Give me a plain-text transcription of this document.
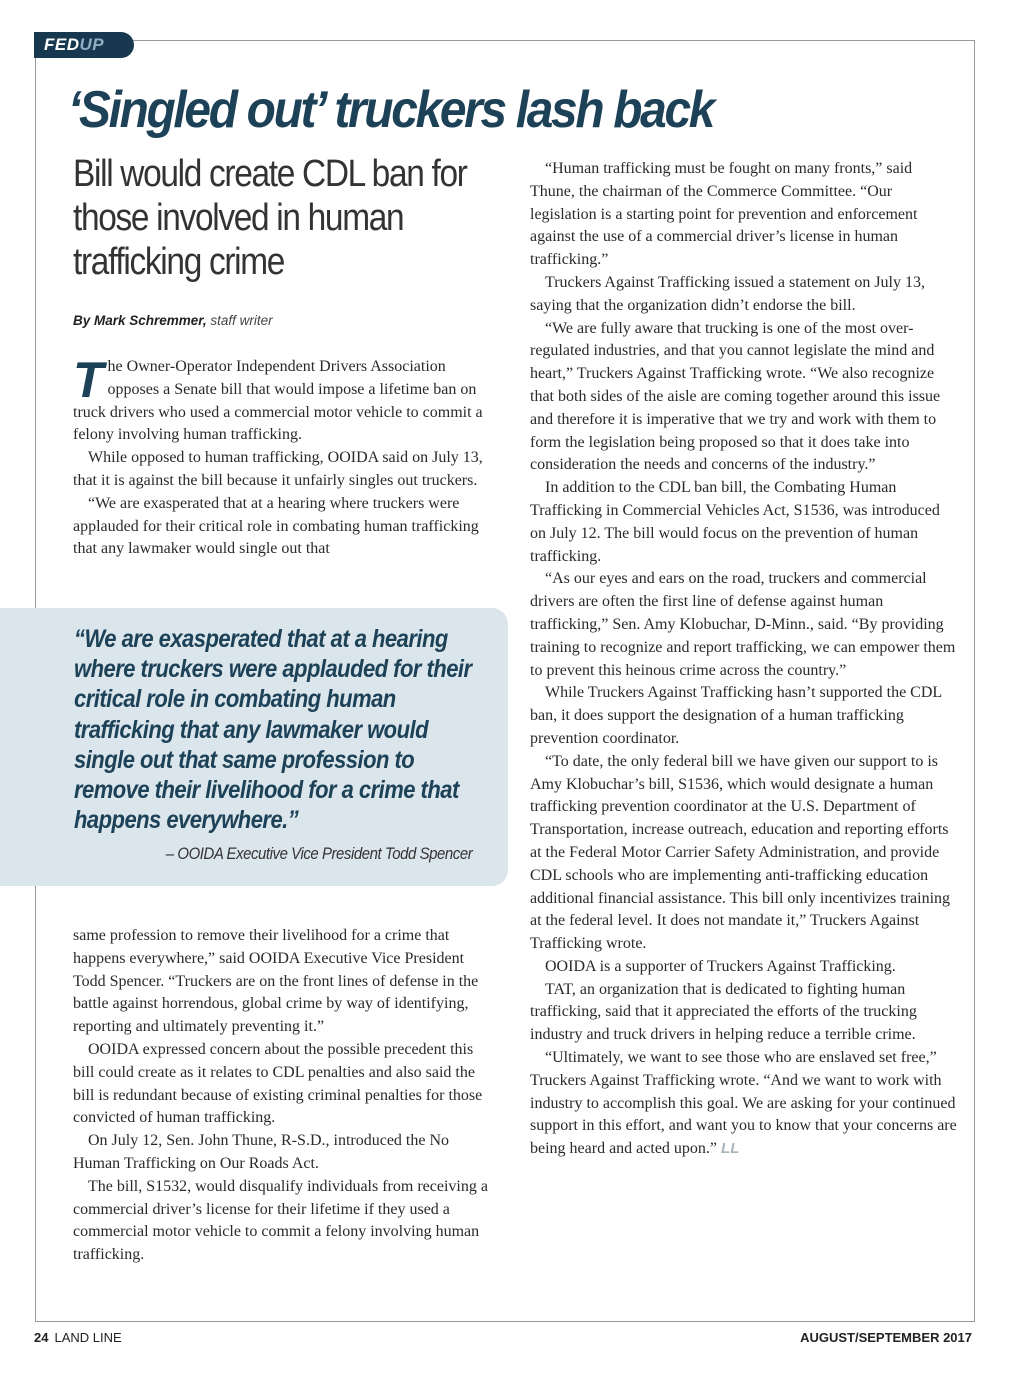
FED UP
‘Singled out’ truckers lash back
Bill would create CDL ban for those involved in human trafficking crime
By Mark Schremmer, staff writer

The Owner-Operator Independent Drivers Association opposes a Senate bill that would impose a lifetime ban on truck drivers who used a commercial motor vehicle to commit a felony involving human trafficking.

While opposed to human trafficking, OOIDA said on July 13, that it is against the bill because it unfairly singles out truckers.

“We are exasperated that at a hearing where truckers were applauded for their critical role in combating human trafficking that any lawmaker would single out that

“We are exasperated that at a hearing where truckers were applauded for their critical role in combating human trafficking that any lawmaker would single out that same profession to remove their livelihood for a crime that happens everywhere.”

– OOIDA Executive Vice President Todd Spencer

same profession to remove their livelihood for a crime that happens everywhere,” said OOIDA Executive Vice President Todd Spencer. “Truckers are on the front lines of defense in the battle against horrendous, global crime by way of identifying, reporting and ultimately preventing it.”

OOIDA expressed concern about the possible precedent this bill could create as it relates to CDL penalties and also said the bill is redundant because of existing criminal penalties for those convicted of human trafficking.

On July 12, Sen. John Thune, R-S.D., introduced the No Human Trafficking on Our Roads Act.

The bill, S1532, would disqualify individuals from receiving a commercial driver’s license for their lifetime if they used a commercial motor vehicle to commit a felony involving human trafficking.

“Human trafficking must be fought on many fronts,” said Thune, the chairman of the Commerce Committee. “Our legislation is a starting point for prevention and enforcement against the use of a commercial driver’s license in human trafficking.”

Truckers Against Trafficking issued a statement on July 13, saying that the organization didn’t endorse the bill.

“We are fully aware that trucking is one of the most over-regulated industries, and that you cannot legislate the mind and heart,” Truckers Against Trafficking wrote. “We also recognize that both sides of the aisle are coming together around this issue and therefore it is imperative that we try and work with them to form the legislation being proposed so that it does take into consideration the needs and concerns of the industry.”

In addition to the CDL ban bill, the Combating Human Trafficking in Commercial Vehicles Act, S1536, was introduced on July 12. The bill would focus on the prevention of human trafficking.

“As our eyes and ears on the road, truckers and commercial drivers are often the first line of defense against human trafficking,” Sen. Amy Klobuchar, D-Minn., said. “By providing training to recognize and report trafficking, we can empower them to prevent this heinous crime across the country.”

While Truckers Against Trafficking hasn’t supported the CDL ban, it does support the designation of a human trafficking prevention coordinator.

“To date, the only federal bill we have given our support to is Amy Klobuchar’s bill, S1536, which would designate a human trafficking prevention coordinator at the U.S. Department of Transportation, increase outreach, education and reporting efforts at the Federal Motor Carrier Safety Administration, and provide CDL schools who are implementing anti-trafficking education additional financial assistance. This bill only incentivizes training at the federal level. It does not mandate it,” Truckers Against Trafficking wrote.

OOIDA is a supporter of Truckers Against Trafficking.

TAT, an organization that is dedicated to fighting human trafficking, said that it appreciated the efforts of the trucking industry and truck drivers in helping reduce a terrible crime.

“Ultimately, we want to see those who are enslaved set free,” Truckers Against Trafficking wrote. “And we want to work with industry to accomplish this goal. We are asking for your continued support in this effort, and want you to know that your concerns are being heard and acted upon.” LL

24 LAND LINE	AUGUST/SEPTEMBER 2017
